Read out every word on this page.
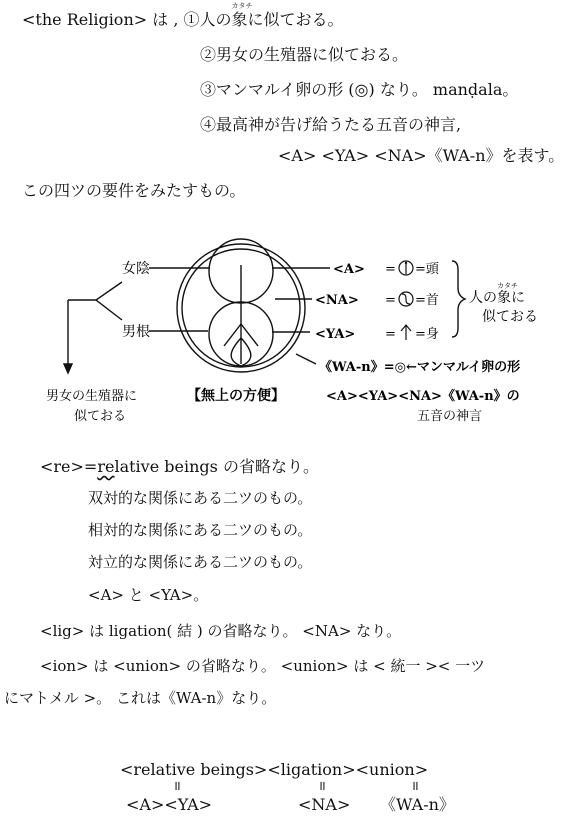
<the Religion> は , ①人の
カタチ
象に似ておる。
②男女の生殖器に似ておる。
③マンマルイ卵の形 (◎) なり。 manḍala。
④最高神が告げ給うたる五音の神言,
<A> <YA> <NA>《WA-n》を表す。
この四ツの要件をみたすもの。
女陰
男根
<A> = =頭
<NA> = =首
<YA> = =身
人の象に
カタチ
似ておる
《WA-n》=◎←マンマルイ卵の形
男女の生殖器に
似ておる
【無上の方便】	<A><YA><NA>《WA-n》の
五音の神言
<re>=relative beings の省略なり。
双対的な関係にある二ツのもの。
相対的な関係にある二ツのもの。
対立的な関係にある二ツのもの。
<A> と <YA>。
<lig> は ligation( 結 ) の省略なり。 <NA> なり。
<ion> は <union> の省略なり。 <union> は < 統一 >< 一ツ
にマトメル >。 これは《WA-n》なり。
<relative beings><ligation><union>
॥	॥	॥
<A><YA>	<NA> 《WA-n》
